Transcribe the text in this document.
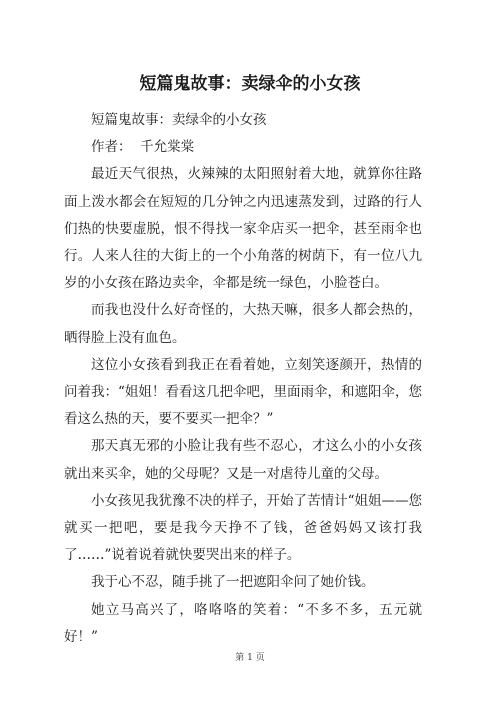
短篇鬼故事：卖绿伞的小女孩

短篇鬼故事：卖绿伞的小女孩

作者：  千允棠棠

最近天气很热，火辣辣的太阳照射着大地，就算你往路面上泼水都会在短短的几分钟之内迅速蒸发到，过路的行人们热的快要虚脱，恨不得找一家伞店买一把伞，甚至雨伞也行。人来人往的大街上的一个小角落的树荫下，有一位八九岁的小女孩在路边卖伞，伞都是统一绿色，小脸苍白。

而我也没什么好奇怪的，大热天嘛，很多人都会热的，晒得脸上没有血色。

这位小女孩看到我正在看着她，立刻笑逐颜开，热情的问着我：“姐姐！看看这几把伞吧，里面雨伞，和遮阳伞，您看这么热的天，要不要买一把伞？”

那天真无邪的小脸让我有些不忍心，才这么小的小女孩就出来买伞，她的父母呢？又是一对虐待儿童的父母。

小女孩见我犹豫不决的样子，开始了苦情计“姐姐——您就买一把吧，要是我今天挣不了钱，爸爸妈妈又该打我了……”说着说着就快要哭出来的样子。

我于心不忍，随手挑了一把遮阳伞问了她价钱。

她立马高兴了，咯咯咯的笑着：“不多不多，五元就好！”

第 1 页
